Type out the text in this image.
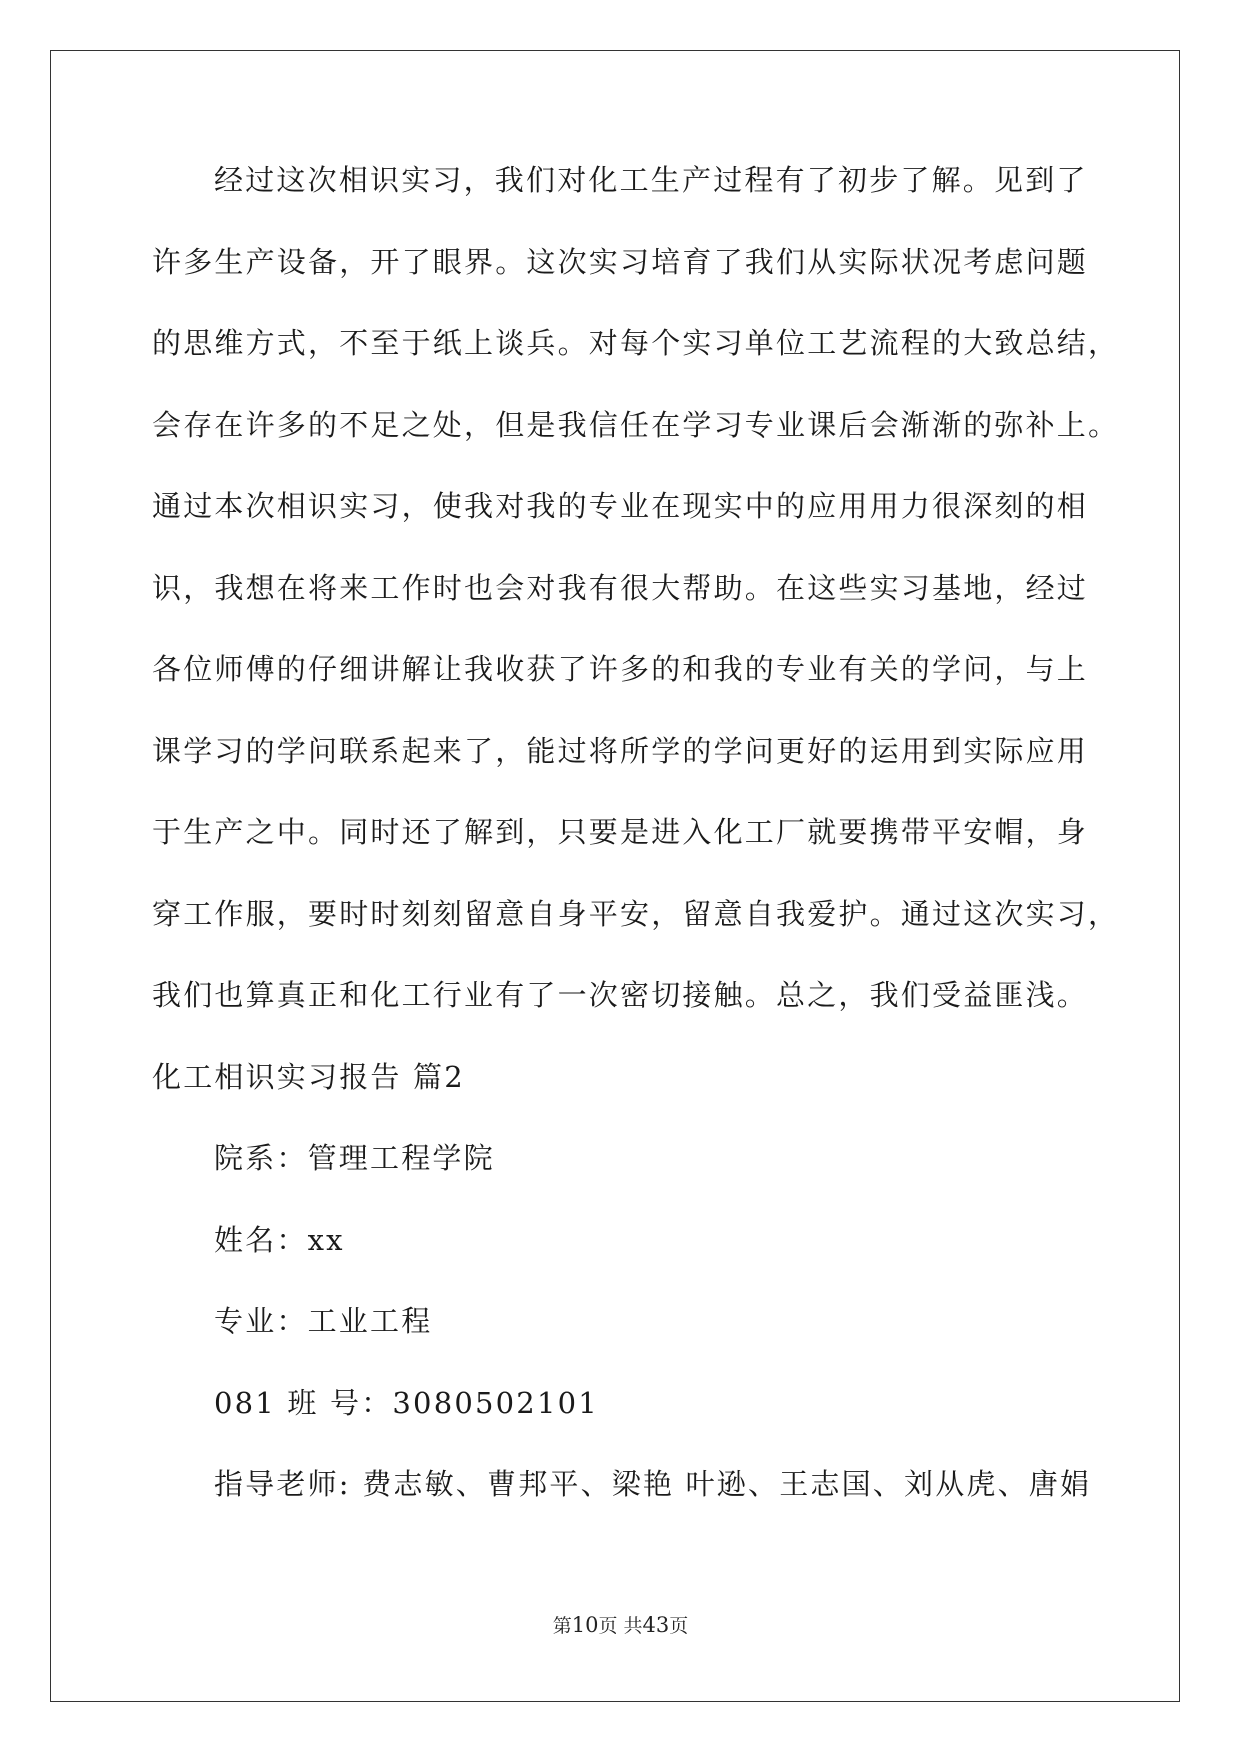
经过这次相识实习，我们对化工生产过程有了初步了解。见到了
许多生产设备，开了眼界。这次实习培育了我们从实际状况考虑问题
的思维方式，不至于纸上谈兵。对每个实习单位工艺流程的大致总结，
会存在许多的不足之处，但是我信任在学习专业课后会渐渐的弥补上。
通过本次相识实习，使我对我的专业在现实中的应用用力很深刻的相
识，我想在将来工作时也会对我有很大帮助。在这些实习基地，经过
各位师傅的仔细讲解让我收获了许多的和我的专业有关的学问，与上
课学习的学问联系起来了，能过将所学的学问更好的运用到实际应用
于生产之中。同时还了解到，只要是进入化工厂就要携带平安帽，身
穿工作服，要时时刻刻留意自身平安，留意自我爱护。通过这次实习，
我们也算真正和化工行业有了一次密切接触。总之，我们受益匪浅。
化工相识实习报告 篇2
院系：管理工程学院
姓名：xx
专业：工业工程
081 班 号：3080502101
指导老师: 费志敏、曹邦平、梁艳 叶逊、王志国、刘从虎、唐娟
第10页 共43页
